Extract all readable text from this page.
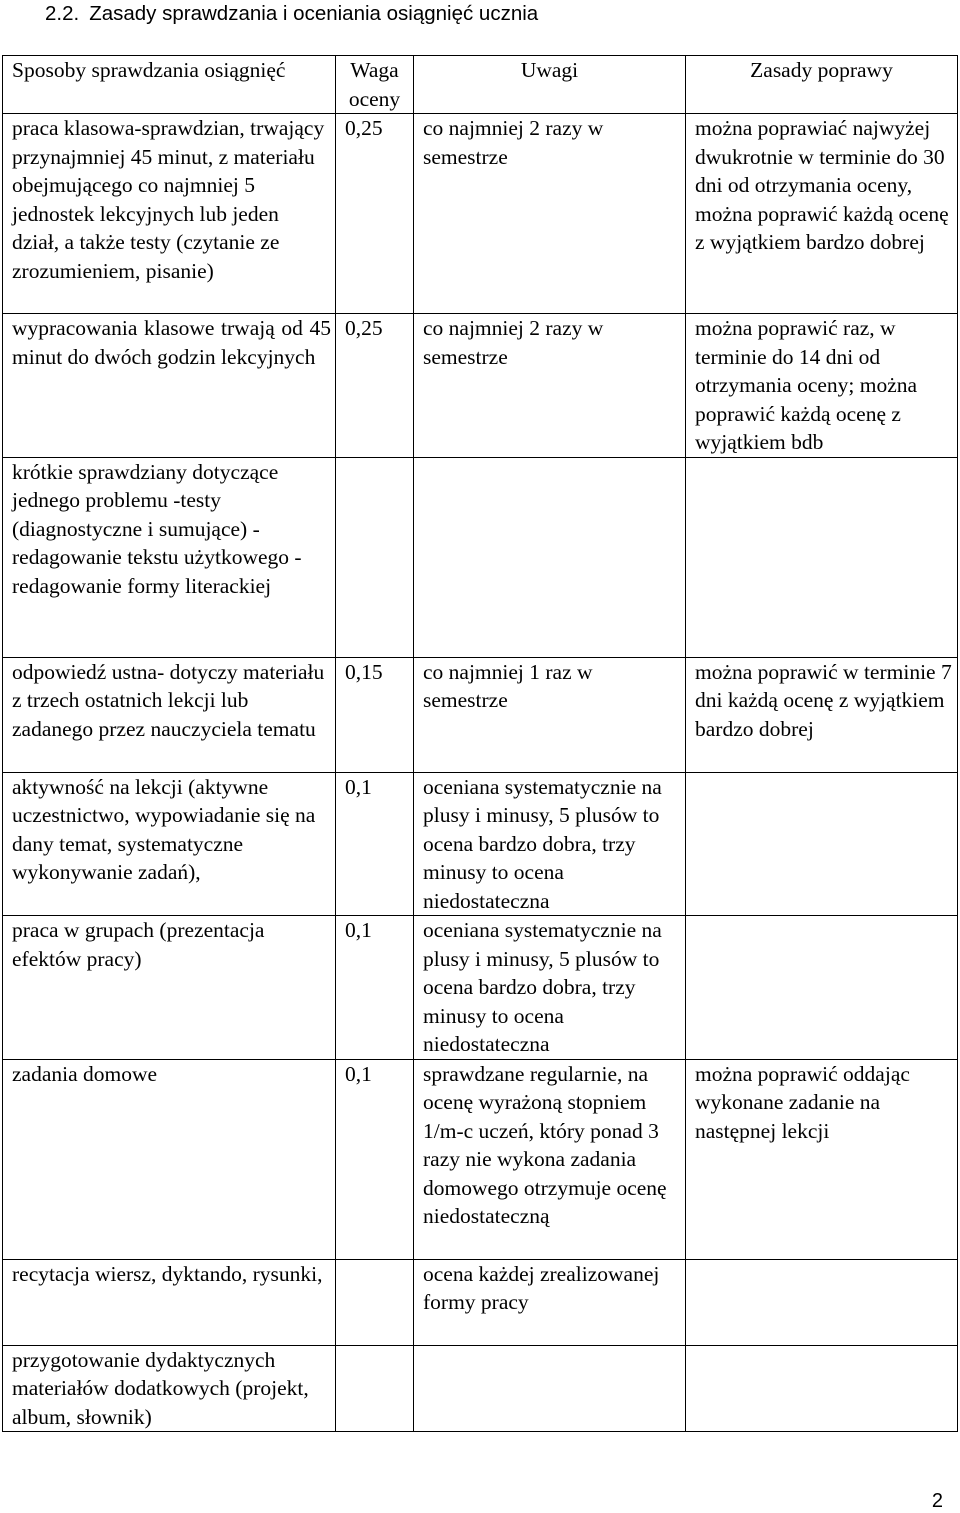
2.2. Zasady sprawdzania i oceniania osiągnięć ucznia
Sposoby sprawdzania osiągnięć	Waga oceny	Uwagi	Zasady poprawy
praca klasowa-sprawdzian, trwający przynajmniej 45 minut, z materiału obejmującego co najmniej 5 jednostek lekcyjnych lub jeden dział, a także testy (czytanie ze zrozumieniem, pisanie)	0,25	co najmniej 2 razy w semestrze	można poprawiać najwyżej dwukrotnie w terminie do 30 dni od otrzymania oceny, można poprawić każdą ocenę z wyjątkiem bardzo dobrej
wypracowania klasowe trwają od 45 minut do dwóch godzin lekcyjnych	0,25	co najmniej 2 razy w semestrze	można poprawić raz, w terminie do 14 dni od otrzymania oceny; można poprawić każdą ocenę z wyjątkiem bdb
krótkie sprawdziany dotyczące jednego problemu -testy (diagnostyczne i sumujące) -redagowanie tekstu użytkowego -redagowanie formy literackiej			
odpowiedź ustna- dotyczy materiału z trzech ostatnich lekcji lub zadanego przez nauczyciela tematu	0,15	co najmniej 1 raz w semestrze	można poprawić w terminie 7 dni każdą ocenę z wyjątkiem bardzo dobrej
aktywność na lekcji (aktywne uczestnictwo, wypowiadanie się na dany temat, systematyczne wykonywanie zadań),	0,1	oceniana systematycznie na plusy i minusy, 5 plusów to ocena bardzo dobra, trzy minusy to ocena niedostateczna	
praca w grupach (prezentacja efektów pracy)	0,1	oceniana systematycznie na plusy i minusy, 5 plusów to ocena bardzo dobra, trzy minusy to ocena niedostateczna	
zadania domowe	0,1	sprawdzane regularnie, na ocenę wyrażoną stopniem 1/m-c uczeń, który ponad 3 razy nie wykona zadania domowego otrzymuje ocenę niedostateczną	można poprawić oddając wykonane zadanie na następnej lekcji
recytacja wiersz, dyktando, rysunki,		ocena każdej zrealizowanej formy pracy	
przygotowanie dydaktycznych materiałów dodatkowych (projekt, album, słownik)			
2
